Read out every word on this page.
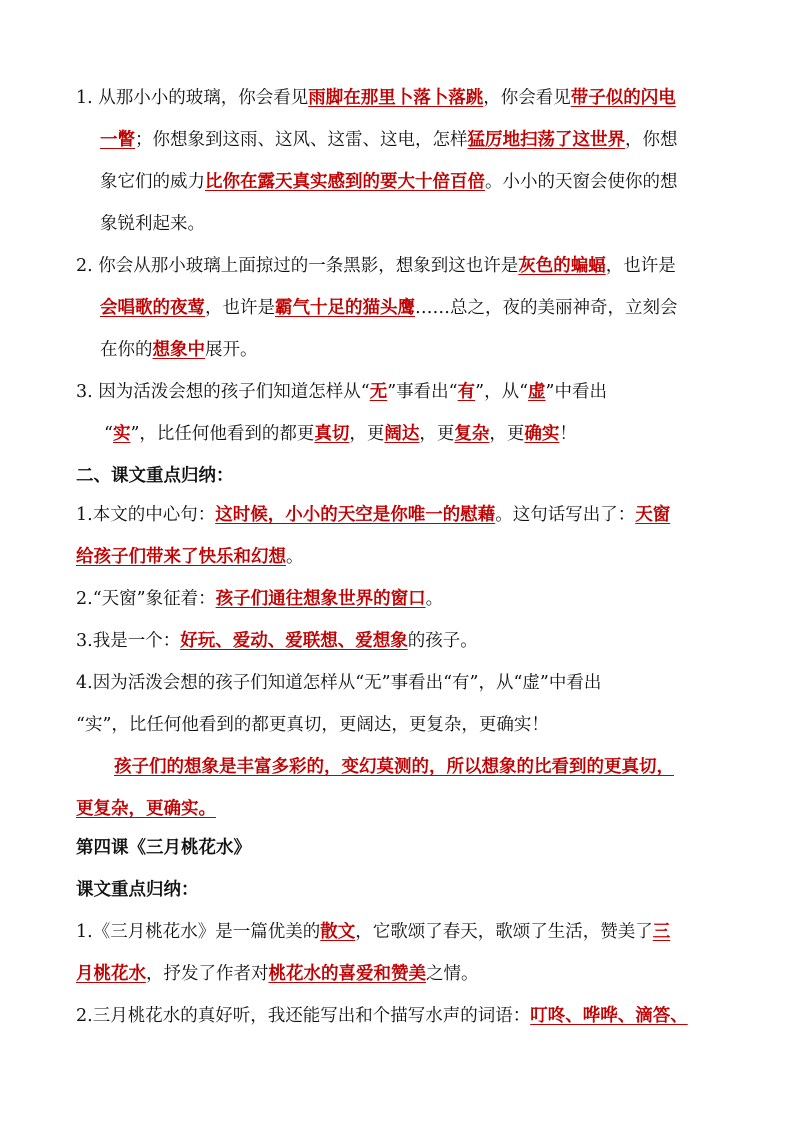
1. 从那小小的玻璃，你会看见雨脚在那里卜落卜落跳，你会看见带子似的闪电
一瞥；你想象到这雨、这风、这雷、这电，怎样猛厉地扫荡了这世界，你想
象它们的威力比你在露天真实感到的要大十倍百倍。小小的天窗会使你的想
象锐利起来。
2. 你会从那小玻璃上面掠过的一条黑影，想象到这也许是灰色的蝙蝠，也许是
会唱歌的夜莺，也许是霸气十足的猫头鹰……总之，夜的美丽神奇，立刻会
在你的想象中展开。
3. 因为活泼会想的孩子们知道怎样从“无”事看出“有”，从“虚”中看出
“实”，比任何他看到的都更真切，更阔达，更复杂，更确实！
二、课文重点归纳：
1.本文的中心句：这时候，小小的天空是你唯一的慰藉。这句话写出了：天窗
给孩子们带来了快乐和幻想。
2.“天窗”象征着：孩子们通往想象世界的窗口。
3.我是一个：好玩、爱动、爱联想、爱想象的孩子。
4.因为活泼会想的孩子们知道怎样从“无”事看出“有”，从“虚”中看出
“实”，比任何他看到的都更真切，更阔达，更复杂，更确实！
孩子们的想象是丰富多彩的，变幻莫测的，所以想象的比看到的更真切，
更复杂，更确实。
第四课《三月桃花水》
课文重点归纳：
1.《三月桃花水》是一篇优美的散文，它歌颂了春天，歌颂了生活，赞美了三
月桃花水，抒发了作者对桃花水的喜爱和赞美之情。
2.三月桃花水的真好听，我还能写出和个描写水声的词语：叮咚、哗哗、滴答、
